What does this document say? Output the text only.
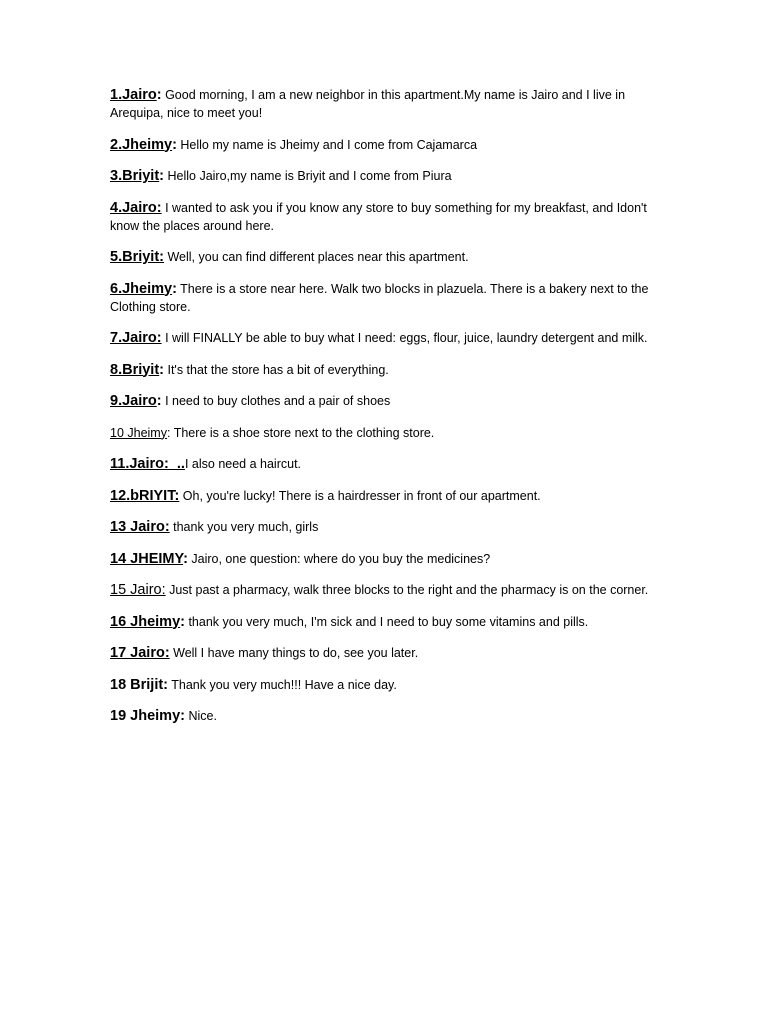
1.Jairo: Good morning, I am a new neighbor in this apartment.My name is Jairo and I live in Arequipa, nice to meet you!

2.Jheimy: Hello my name is Jheimy and I come from Cajamarca

3.Briyit: Hello Jairo,my name is Briyit and I come from Piura

4.Jairo: I wanted to ask you if you know any store to buy something for my breakfast, and Idon't know the places around here.

5.Briyit: Well, you can find different places near this apartment.

6.Jheimy: There is a store near here. Walk two blocks in plazuela. There is a bakery next to the Clothing store.

7.Jairo: I will FINALLY be able to buy what I need: eggs, flour, juice, laundry detergent and milk.

8.Briyit: It's that the store has a bit of everything.

9.Jairo: I need to buy clothes and a pair of shoes

10 Jheimy: There is a shoe store next to the clothing store.

11.Jairo:  ..I also need a haircut.

12.bRIYIT: Oh, you're lucky! There is a hairdresser in front of our apartment.

13 Jairo: thank you very much, girls

14 JHEIMY: Jairo, one question: where do you buy the medicines?

15 Jairo: Just past a pharmacy, walk three blocks to the right and the pharmacy is on the corner.

16 Jheimy: thank you very much, I'm sick and I need to buy some vitamins and pills.

17 Jairo: Well I have many things to do, see you later.

18 Brijit: Thank you very much!!! Have a nice day.

19 Jheimy: Nice.
